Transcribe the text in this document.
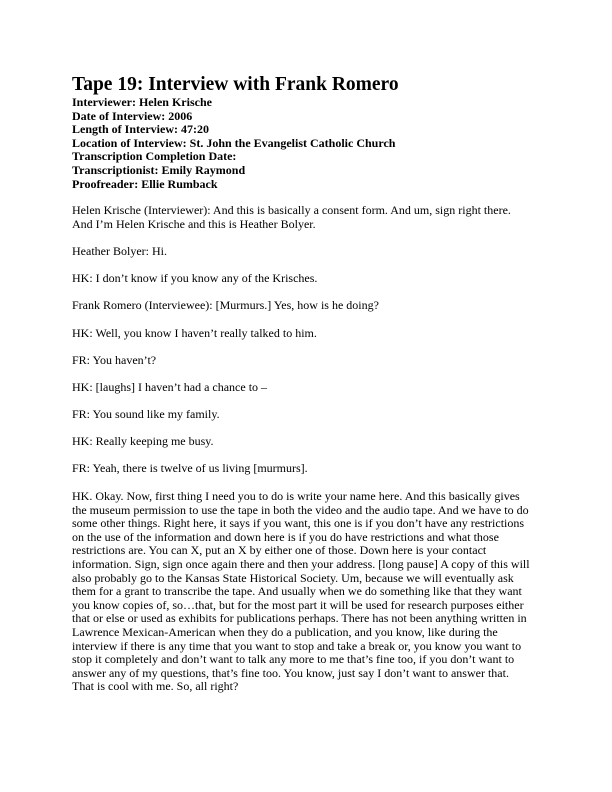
Tape 19: Interview with Frank Romero
Interviewer: Helen Krische
Date of Interview: 2006
Length of Interview: 47:20
Location of Interview: St. John the Evangelist Catholic Church
Transcription Completion Date:
Transcriptionist: Emily Raymond
Proofreader: Ellie Rumback

Helen Krische (Interviewer): And this is basically a consent form. And um, sign right there.
And I’m Helen Krische and this is Heather Bolyer.

Heather Bolyer: Hi.

HK: I don’t know if you know any of the Krisches.

Frank Romero (Interviewee): [Murmurs.] Yes, how is he doing?

HK: Well, you know I haven’t really talked to him.

FR: You haven’t?

HK: [laughs] I haven’t had a chance to –

FR: You sound like my family.

HK: Really keeping me busy.

FR: Yeah, there is twelve of us living [murmurs].

HK. Okay. Now, first thing I need you to do is write your name here. And this basically gives
the museum permission to use the tape in both the video and the audio tape. And we have to do
some other things. Right here, it says if you want, this one is if you don’t have any restrictions
on the use of the information and down here is if you do have restrictions and what those
restrictions are. You can X, put an X by either one of those. Down here is your contact
information. Sign, sign once again there and then your address. [long pause] A copy of this will
also probably go to the Kansas State Historical Society. Um, because we will eventually ask
them for a grant to transcribe the tape. And usually when we do something like that they want
you know copies of, so…that, but for the most part it will be used for research purposes either
that or else or used as exhibits for publications perhaps. There has not been anything written in
Lawrence Mexican-American when they do a publication, and you know, like during the
interview if there is any time that you want to stop and take a break or, you know you want to
stop it completely and don’t want to talk any more to me that’s fine too, if you don’t want to
answer any of my questions, that’s fine too. You know, just say I don’t want to answer that.
That is cool with me. So, all right?
